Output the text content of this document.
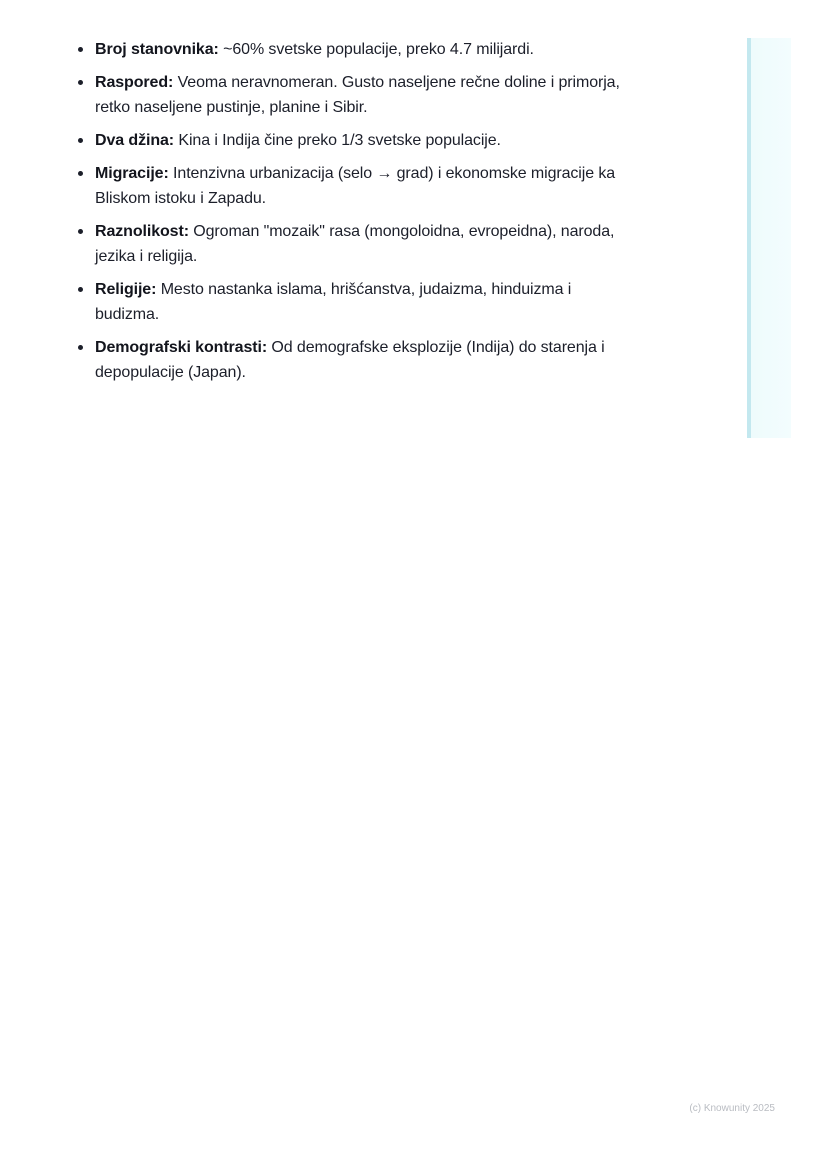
Broj stanovnika: ~60% svetske populacije, preko 4.7 milijardi.
Raspored: Veoma neravnomeran. Gusto naseljene rečne doline i primorja, retko naseljene pustinje, planine i Sibir.
Dva džina: Kina i Indija čine preko 1/3 svetske populacije.
Migracije: Intenzivna urbanizacija (selo → grad) i ekonomske migracije ka Bliskom istoku i Zapadu.
Raznolikost: Ogroman "mozaik" rasa (mongoloidna, evropeidna), naroda, jezika i religija.
Religije: Mesto nastanka islama, hrišćanstva, judaizma, hinduizma i budizma.
Demografski kontrasti: Od demografske eksplozije (Indija) do starenja i depopulacije (Japan).
(c) Knowunity 2025
